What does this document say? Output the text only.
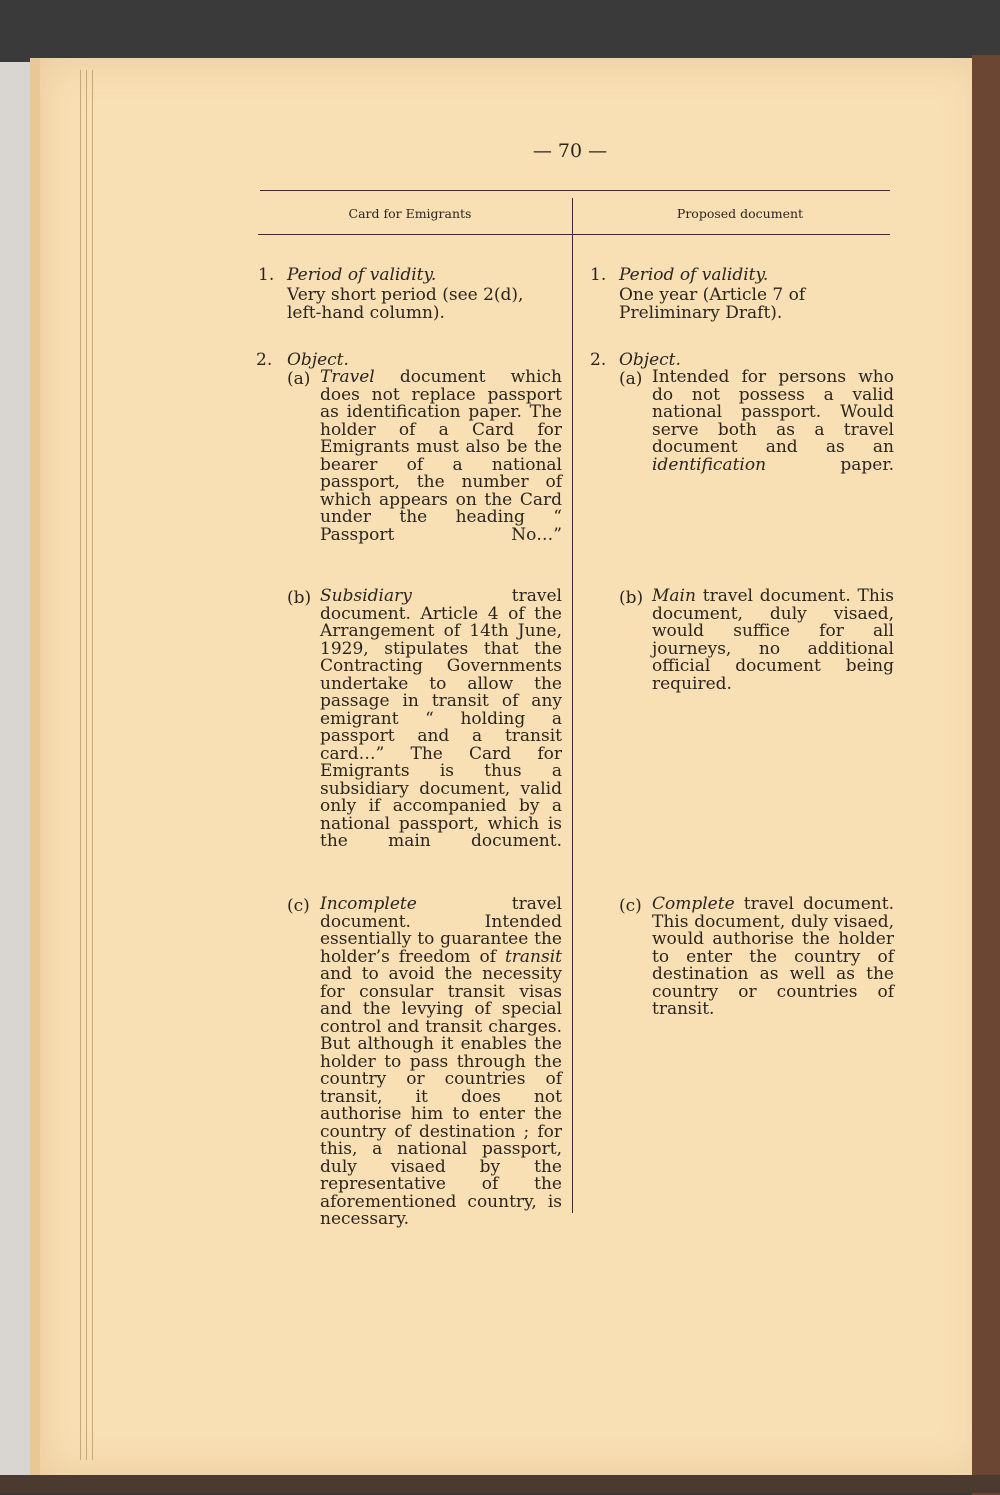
— 70 —
Card for Emigrants	Proposed document
1. Period of validity.
Very short period (see 2(d), left-hand column).
2. Object.
(a) Travel document which does not replace passport as identification paper. The holder of a Card for Emigrants must also be the bearer of a national passport, the number of which appears on the Card under the heading “ Passport No…”
(b) Subsidiary travel document. Article 4 of the Arrangement of 14th June, 1929, stipulates that the Contracting Governments undertake to allow the passage in transit of any emigrant “ holding a passport and a transit card…” The Card for Emigrants is thus a subsidiary document, valid only if accompanied by a national passport, which is the main document.
(c) Incomplete travel document. Intended essentially to guarantee the holder’s freedom of transit and to avoid the necessity for consular transit visas and the levying of special control and transit charges. But although it enables the holder to pass through the country or countries of transit, it does not authorise him to enter the country of destination ; for this, a national passport, duly visaed by the representative of the aforementioned country, is necessary.
1. Period of validity.
One year (Article 7 of Preliminary Draft).
2. Object.
(a) Intended for persons who do not possess a valid national passport. Would serve both as a travel document and as an identification paper.
(b) Main travel document. This document, duly visaed, would suffice for all journeys, no additional official document being required.
(c) Complete travel document. This document, duly visaed, would authorise the holder to enter the country of destination as well as the country or countries of transit.
